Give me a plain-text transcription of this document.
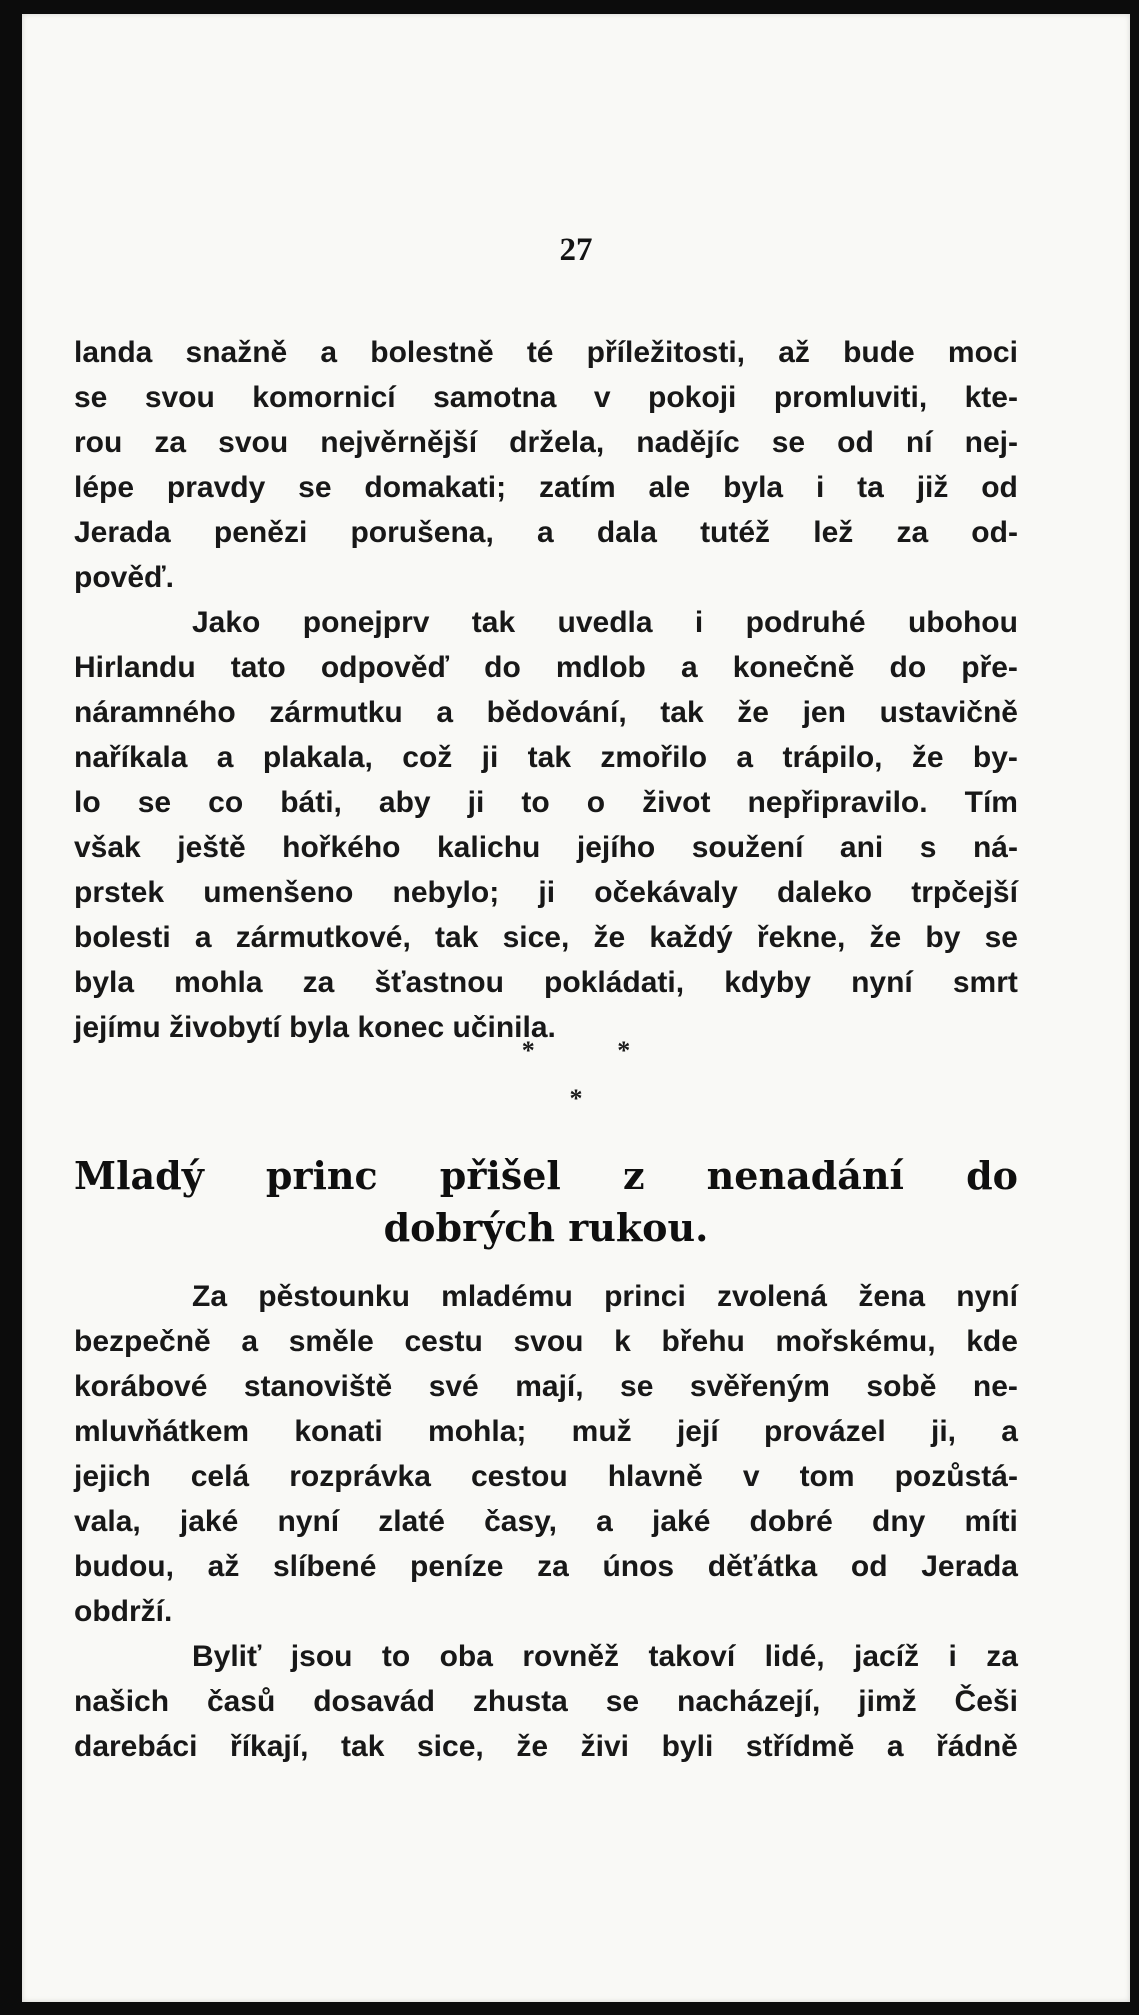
27
landa snažně a bolestně té příležitosti, až bude moci
se svou komornicí samotna v pokoji promluviti, kte-
rou za svou nejvěrnější držela, nadějíc se od ní nej-
lépe pravdy se domakati; zatím ale byla i ta již od
Jerada penězi porušena, a dala tutéž lež za od-
pověď.
Jako ponejprv tak uvedla i podruhé ubohou
Hirlandu tato odpověď do mdlob a konečně do pře-
náramného zármutku a bědování, tak že jen ustavičně
naříkala a plakala, což ji tak zmořilo a trápilo, že by-
lo se co báti, aby ji to o život nepřipravilo. Tím
však ještě hořkého kalichu jejího soužení ani s ná-
prstek umenšeno nebylo; ji očekávaly daleko trpčejší
bolesti a zármutkové, tak sice, že každý řekne, že by se
byla mohla za šťastnou pokládati, kdyby nyní smrt
jejímu
živobytí
byla
konec
učinila.
*	*
*
Mladý princ přišel z nenadání do
dobrých rukou.
Za pěstounku mladému princi zvolená žena nyní
bezpečně a směle cestu svou k břehu mořskému, kde
korábové stanoviště své mají, se svěřeným sobě ne-
mluvňátkem konati mohla; muž její provázel ji, a
jejich celá rozprávka cestou hlavně v tom pozůstá-
vala, jaké nyní zlaté časy, a jaké dobré dny míti
budou, až slíbené peníze za únos děťátka od Jerada
obdrží.
Byliť jsou to oba rovněž takoví lidé, jacíž i za
našich časů dosavád zhusta se nacházejí, jimž Češi
darebáci říkají, tak sice, že živi byli střídmě a řádně
